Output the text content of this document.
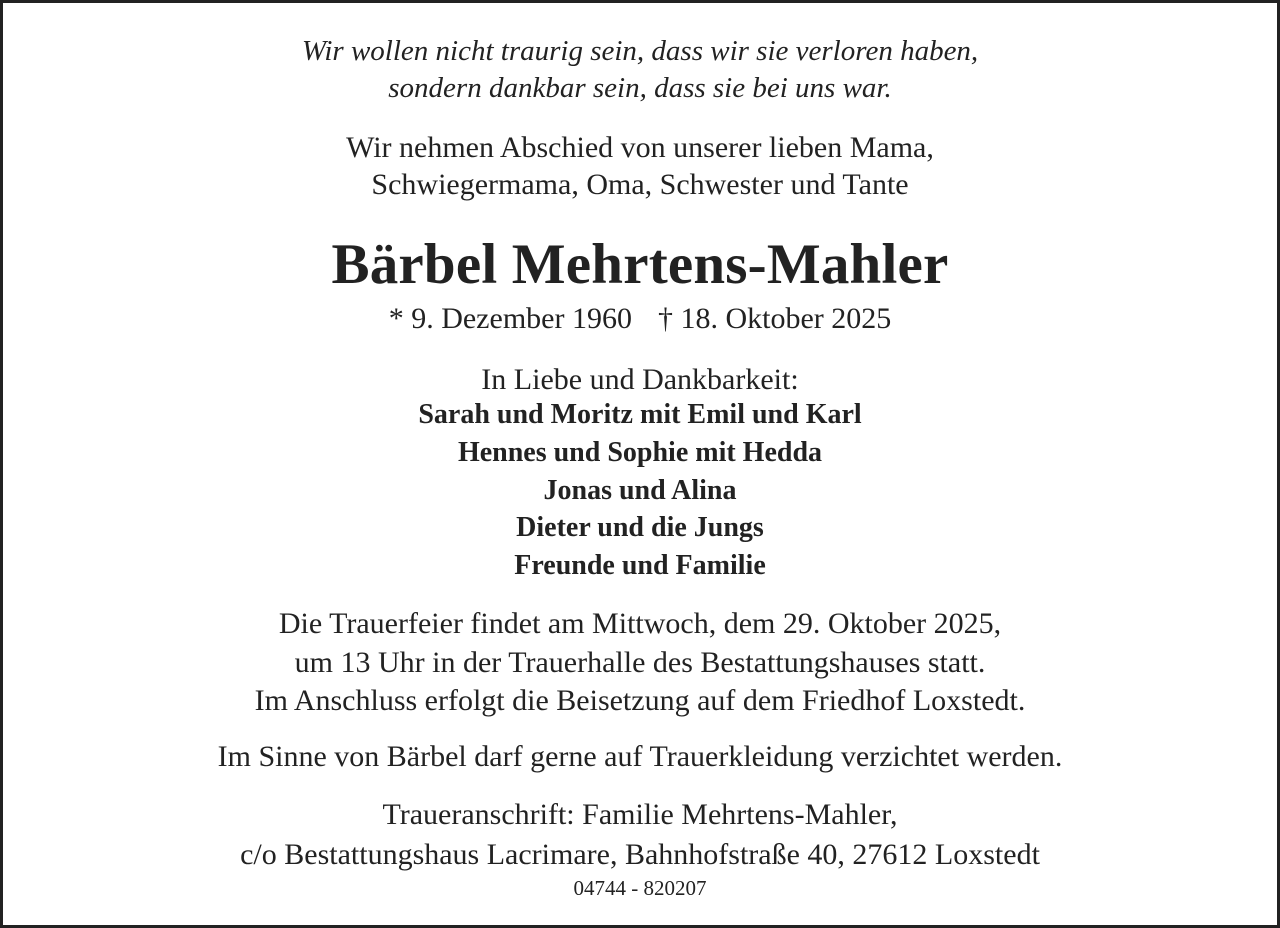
Wir wollen nicht traurig sein, dass wir sie verloren haben,
sondern dankbar sein, dass sie bei uns war.
Wir nehmen Abschied von unserer lieben Mama,
Schwiegermama, Oma, Schwester und Tante
Bärbel Mehrtens-Mahler
* 9. Dezember 1960 † 18. Oktober 2025
In Liebe und Dankbarkeit:
Sarah und Moritz mit Emil und Karl
Hennes und Sophie mit Hedda
Jonas und Alina
Dieter und die Jungs
Freunde und Familie
Die Trauerfeier findet am Mittwoch, dem 29. Oktober 2025,
um 13 Uhr in der Trauerhalle des Bestattungshauses statt.
Im Anschluss erfolgt die Beisetzung auf dem Friedhof Loxstedt.
Im Sinne von Bärbel darf gerne auf Trauerkleidung verzichtet werden.
Traueranschrift: Familie Mehrtens-Mahler,
c/o Bestattungshaus Lacrimare, Bahnhofstraße 40, 27612 Loxstedt
04744 - 820207
